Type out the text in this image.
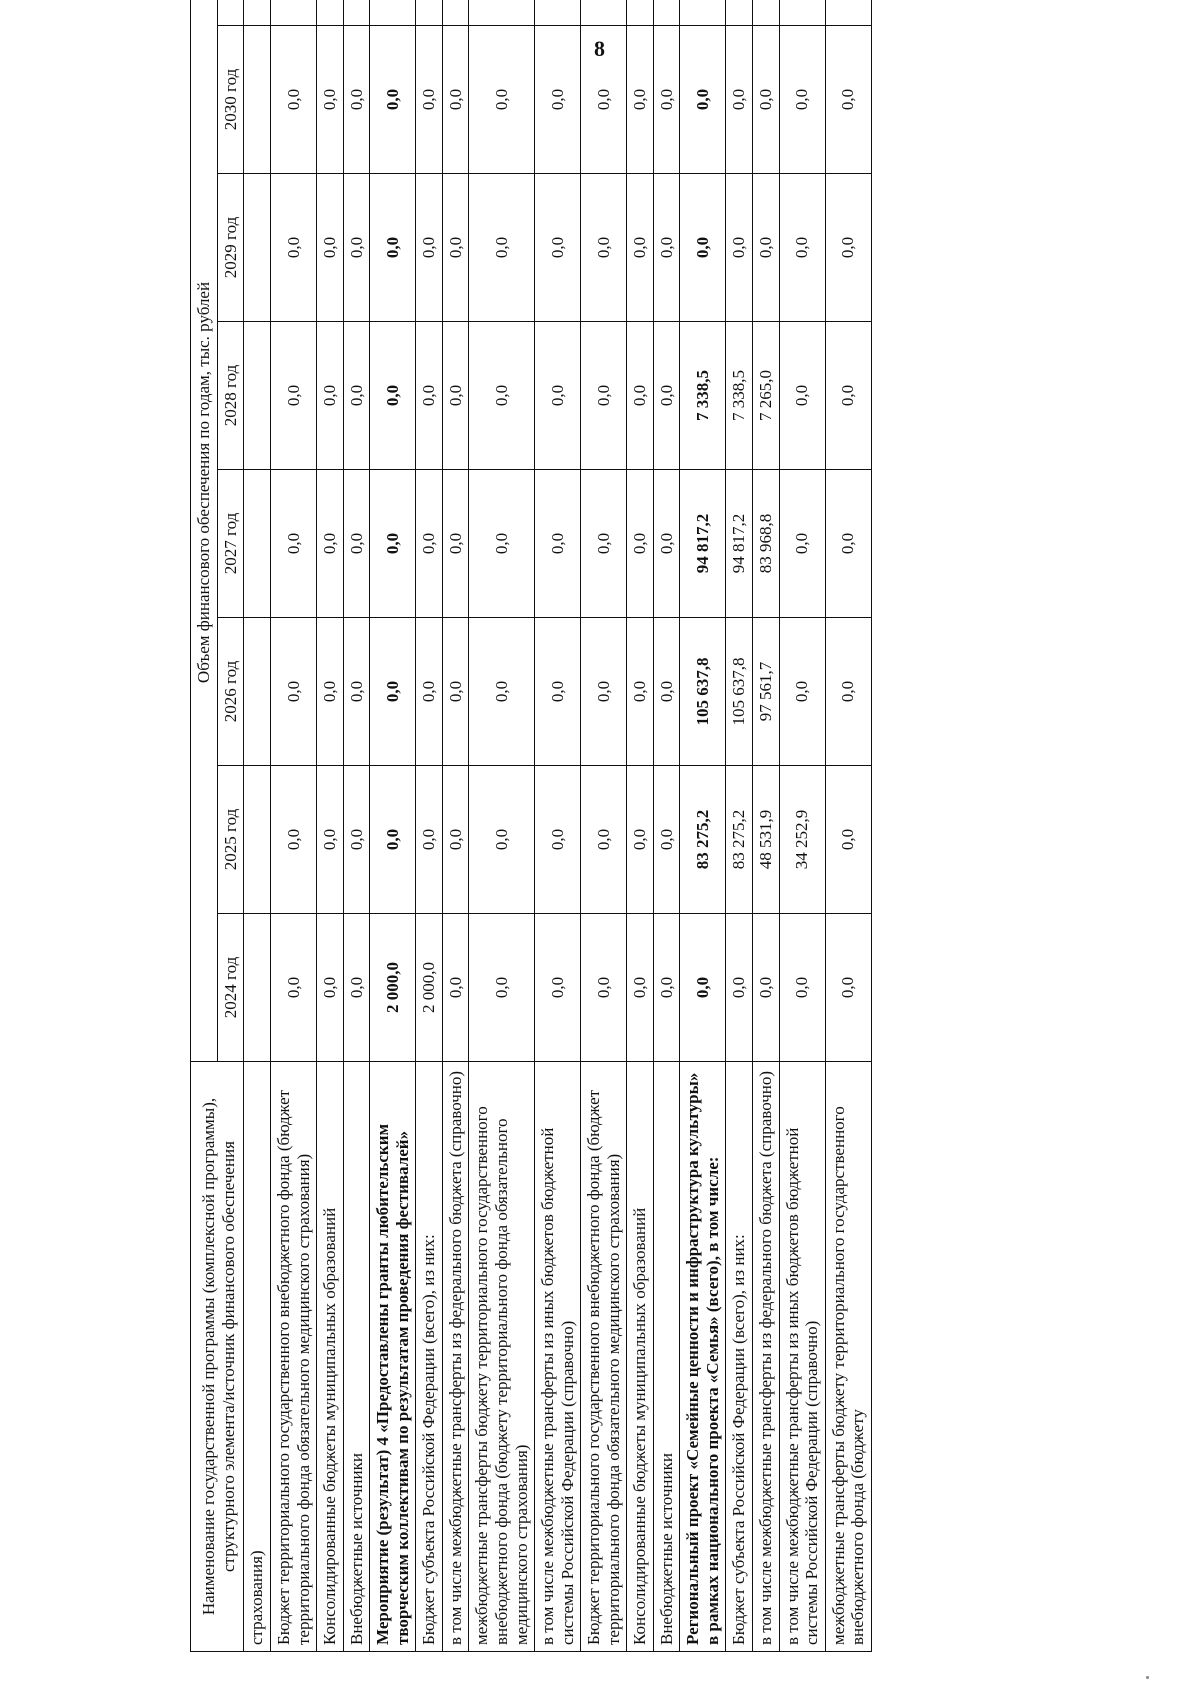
8
Наименование государственной программы (комплексной программы), структурного элемента/источник финансового обеспечения	Объем финансового обеспечения по годам, тыс. рублей							
	2024 год	2025 год	2026 год	2027 год	2028 год	2029 год	2030 год	
страхования)								
Бюджет территориального государственного внебюджетного фонда (бюджет территориального фонда обязательного медицинского страхования)	0,0	0,0	0,0	0,0	0,0	0,0	0,0	
Консолидированные бюджеты муниципальных образований	0,0	0,0	0,0	0,0	0,0	0,0	0,0	
Внебюджетные источники	0,0	0,0	0,0	0,0	0,0	0,0	0,0	
Мероприятие (результат) 4 «Предоставлены гранты любительским творческим коллективам по результатам проведения фестивалей»	2 000,0	0,0	0,0	0,0	0,0	0,0	0,0	
Бюджет субъекта Российской Федерации (всего), из них:	2 000,0	0,0	0,0	0,0	0,0	0,0	0,0	
в том числе межбюджетные трансферты из федерального бюджета (справочно)	0,0	0,0	0,0	0,0	0,0	0,0	0,0	
межбюджетные трансферты бюджету территориального государственного внебюджетного фонда (бюджету территориального фонда обязательного медицинского страхования)	0,0	0,0	0,0	0,0	0,0	0,0	0,0	
в том числе межбюджетные трансферты из иных бюджетов бюджетной системы Российской Федерации (справочно)	0,0	0,0	0,0	0,0	0,0	0,0	0,0	
Бюджет территориального государственного внебюджетного фонда (бюджет территориального фонда обязательного медицинского страхования)	0,0	0,0	0,0	0,0	0,0	0,0	0,0	
Консолидированные бюджеты муниципальных образований	0,0	0,0	0,0	0,0	0,0	0,0	0,0	
Внебюджетные источники	0,0	0,0	0,0	0,0	0,0	0,0	0,0	
Региональный проект «Семейные ценности и инфраструктура культуры» в рамках национального проекта «Семья» (всего), в том числе:	0,0	83 275,2	105 637,8	94 817,2	7 338,5	0,0	0,0	
Бюджет субъекта Российской Федерации (всего), из них:	0,0	83 275,2	105 637,8	94 817,2	7 338,5	0,0	0,0	
в том числе межбюджетные трансферты из федерального бюджета (справочно)	0,0	48 531,9	97 561,7	83 968,8	7 265,0	0,0	0,0	
в том числе межбюджетные трансферты из иных бюджетов бюджетной системы Российской Федерации (справочно)	0,0	34 252,9	0,0	0,0	0,0	0,0	0,0	
межбюджетные трансферты бюджету территориального государственного внебюджетного фонда (бюджету	0,0	0,0	0,0	0,0	0,0	0,0	0,0	
